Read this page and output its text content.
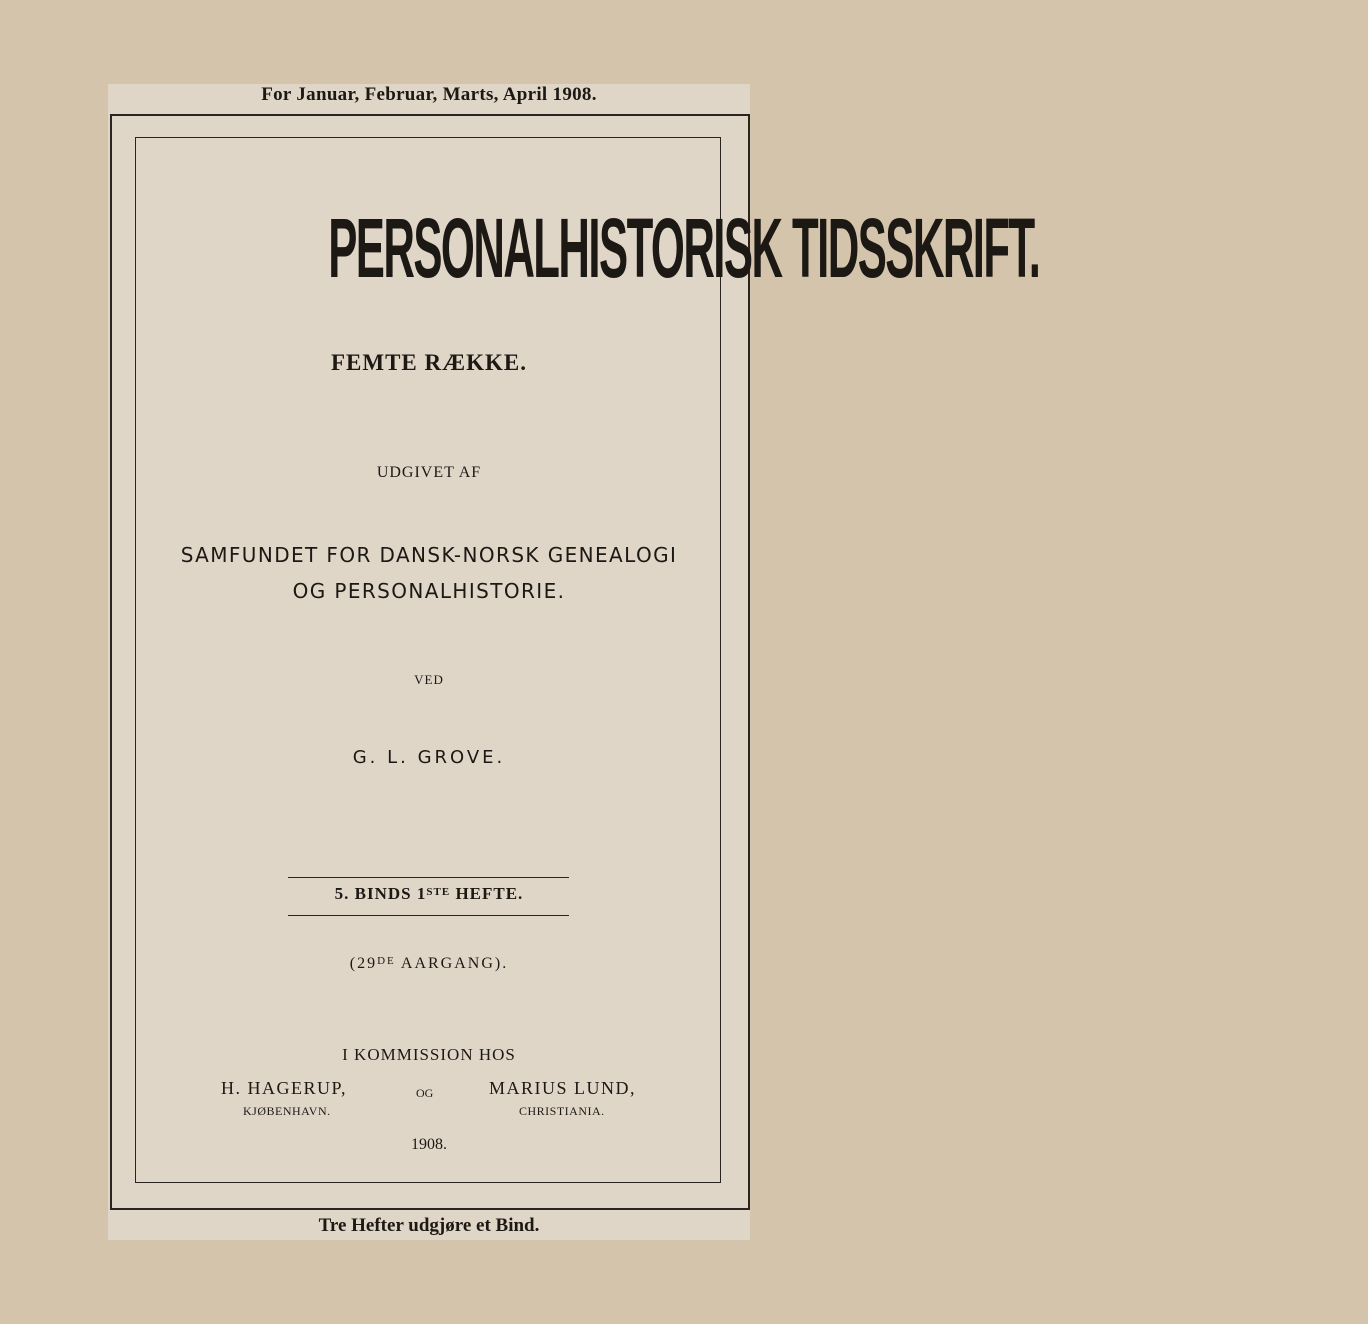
For Januar, Februar, Marts, April 1908.
PERSONALHISTORISK TIDSSKRIFT.
FEMTE RÆKKE.
UDGIVET AF
SAMFUNDET FOR DANSK-NORSK GENEALOGI
OG PERSONALHISTORIE.
VED
G. L. GROVE.
5. BINDS 1STE HEFTE.
(29DE AARGANG).
I KOMMISSION HOS
H. HAGERUP,
KJØBENHAVN.
OG	MARIUS LUND,
CHRISTIANIA.
1908.
Tre Hefter udgjøre et Bind.
